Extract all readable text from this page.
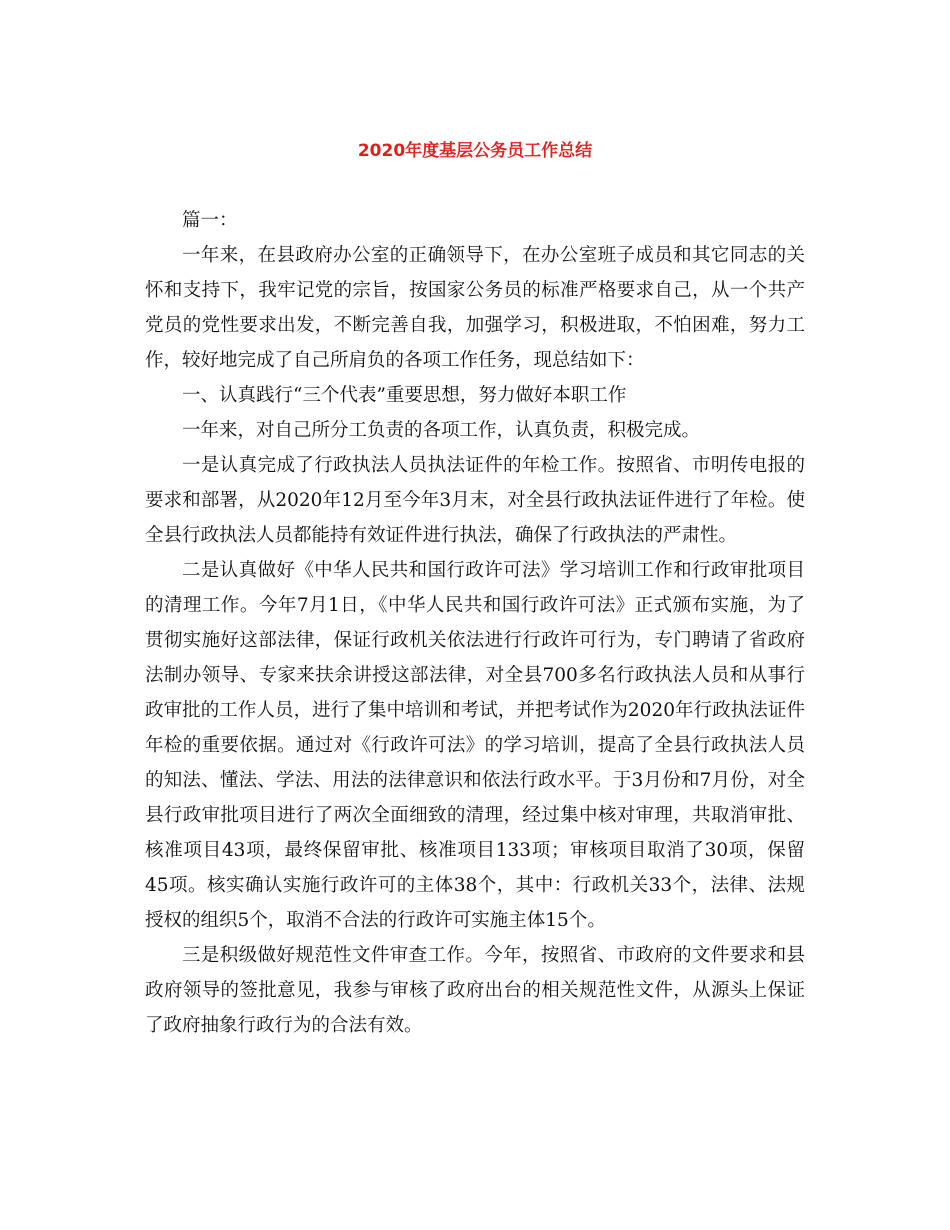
2020年度基层公务员工作总结

篇一：

一年来，在县政府办公室的正确领导下，在办公室班子成员和其它同志的关怀和支持下，我牢记党的宗旨，按国家公务员的标准严格要求自己，从一个共产党员的党性要求出发，不断完善自我，加强学习，积极进取，不怕困难，努力工作，较好地完成了自己所肩负的各项工作任务，现总结如下：

一、认真践行“三个代表”重要思想，努力做好本职工作

一年来，对自己所分工负责的各项工作，认真负责，积极完成。

一是认真完成了行政执法人员执法证件的年检工作。按照省、市明传电报的要求和部署，从2020年12月至今年3月末，对全县行政执法证件进行了年检。使全县行政执法人员都能持有效证件进行执法，确保了行政执法的严肃性。

二是认真做好《中华人民共和国行政许可法》学习培训工作和行政审批项目的清理工作。今年7月1日，《中华人民共和国行政许可法》正式颁布实施，为了贯彻实施好这部法律，保证行政机关依法进行行政许可行为，专门聘请了省政府法制办领导、专家来扶余讲授这部法律，对全县700多名行政执法人员和从事行政审批的工作人员，进行了集中培训和考试，并把考试作为2020年行政执法证件年检的重要依据。通过对《行政许可法》的学习培训，提高了全县行政执法人员的知法、懂法、学法、用法的法律意识和依法行政水平。于3月份和7月份，对全县行政审批项目进行了两次全面细致的清理，经过集中核对审理，共取消审批、核准项目43项，最终保留审批、核准项目133项；审核项目取消了30项，保留45项。核实确认实施行政许可的主体38个，其中：行政机关33个，法律、法规授权的组织5个，取消不合法的行政许可实施主体15个。

三是积级做好规范性文件审查工作。今年，按照省、市政府的文件要求和县政府领导的签批意见，我参与审核了政府出台的相关规范性文件，从源头上保证了政府抽象行政行为的合法有效。
